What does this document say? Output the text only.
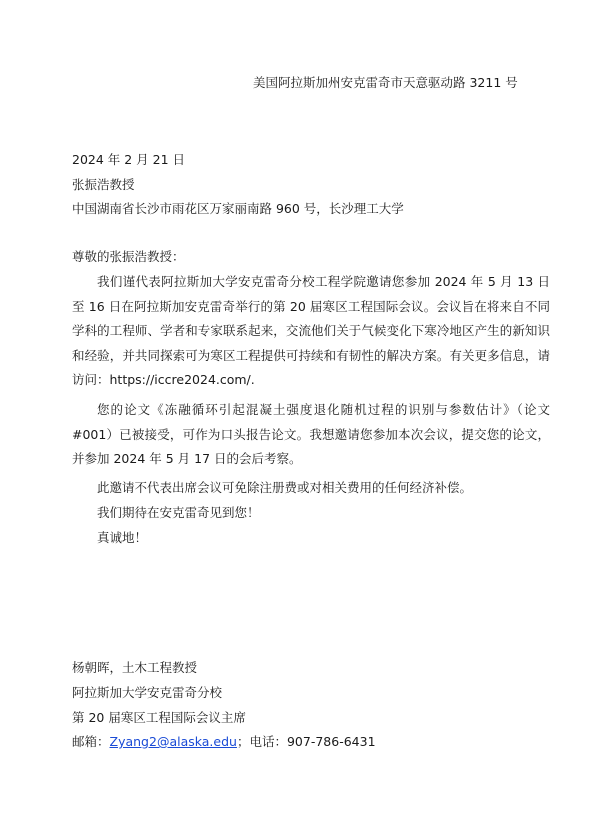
美国阿拉斯加州安克雷奇市天意驱动路 3211 号
2024 年 2 月 21 日
张振浩教授
中国湖南省长沙市雨花区万家丽南路 960 号，长沙理工大学
尊敬的张振浩教授：
我们谨代表阿拉斯加大学安克雷奇分校工程学院邀请您参加 2024 年 5 月 13 日至 16 日在阿拉斯加安克雷奇举行的第 20 届寒区工程国际会议。会议旨在将来自不同学科的工程师、学者和专家联系起来，交流他们关于气候变化下寒冷地区产生的新知识和经验，并共同探索可为寒区工程提供可持续和有韧性的解决方案。有关更多信息，请访问：https://iccre2024.com/.
您的论文《冻融循环引起混凝土强度退化随机过程的识别与参数估计》（论文#001）已被接受，可作为口头报告论文。我想邀请您参加本次会议，提交您的论文，并参加 2024 年 5 月 17 日的会后考察。
此邀请不代表出席会议可免除注册费或对相关费用的任何经济补偿。
我们期待在安克雷奇见到您！
真诚地！
杨朝晖，土木工程教授
阿拉斯加大学安克雷奇分校
第 20 届寒区工程国际会议主席
邮箱：Zyang2@alaska.edu；电话：907-786-6431
